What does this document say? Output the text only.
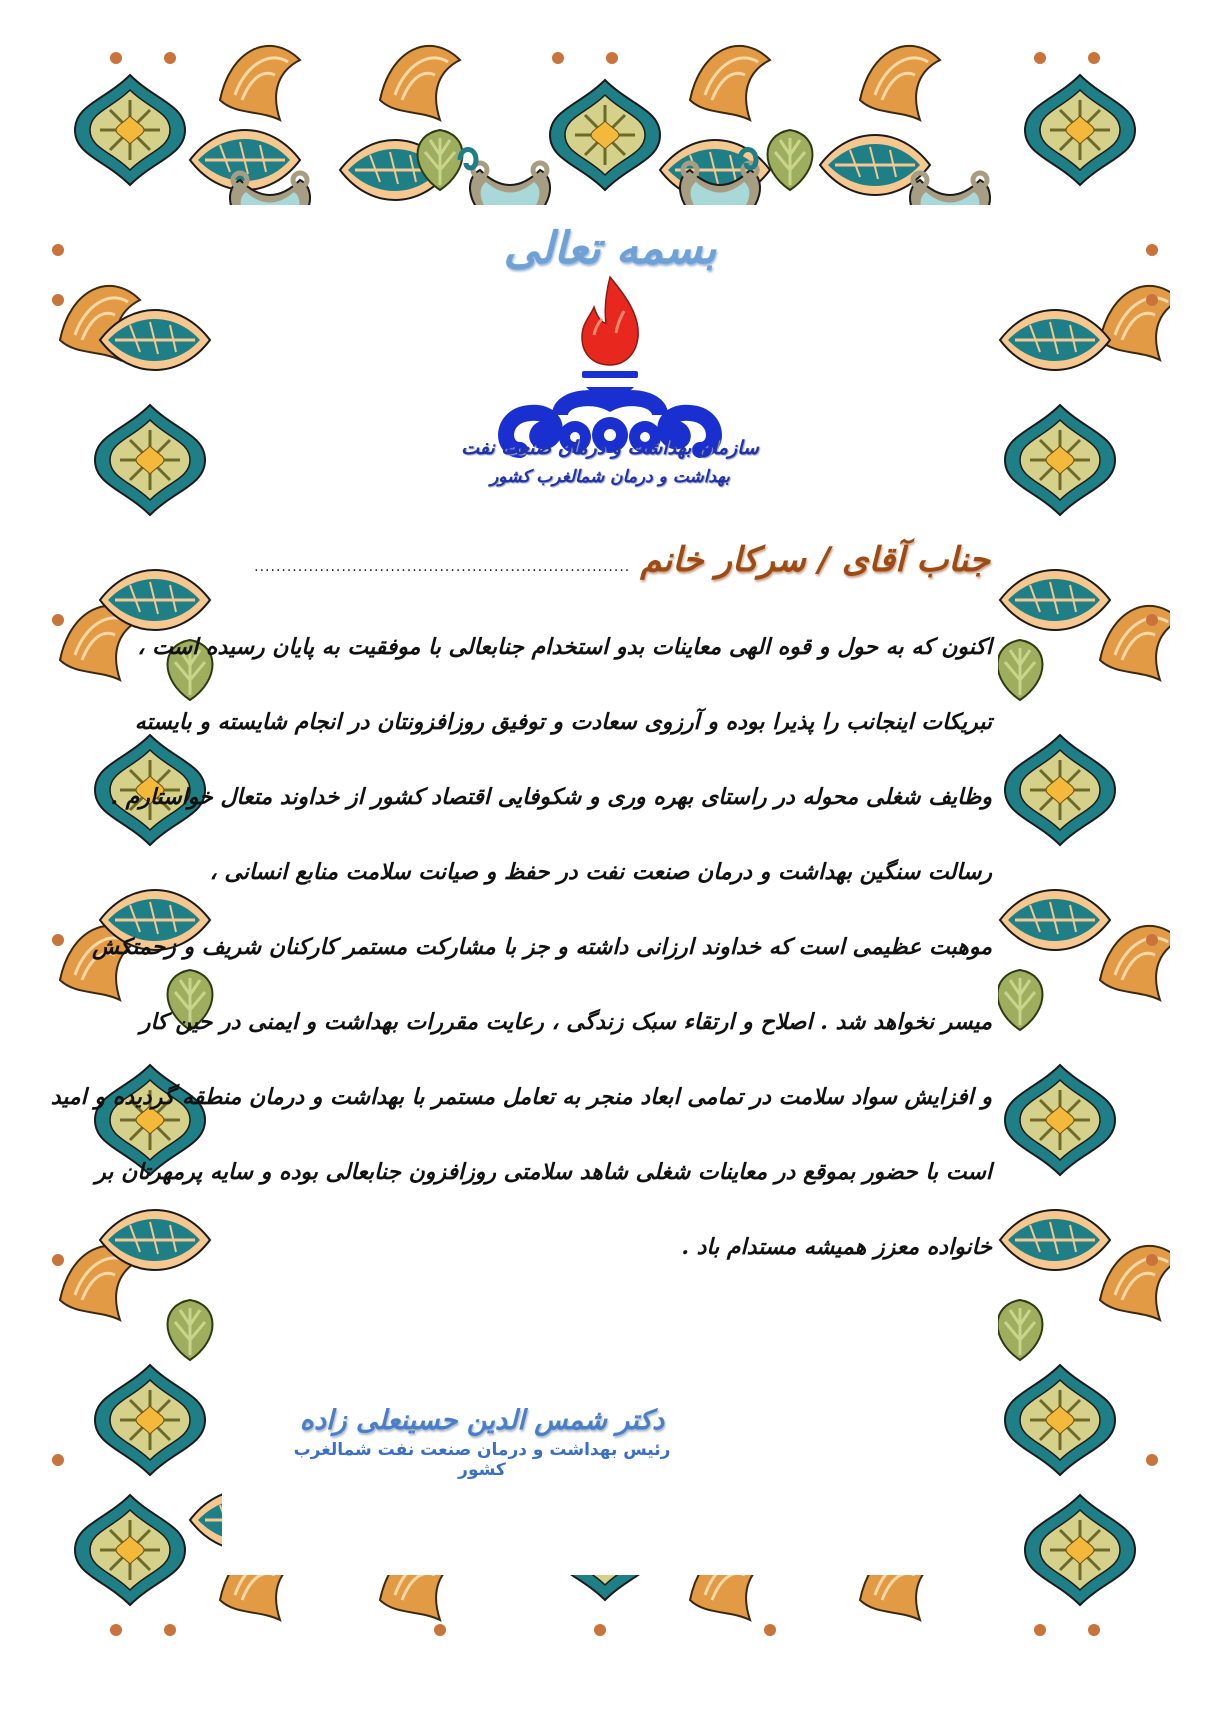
بسمه تعالی
سازمان بهداشت و درمان صنعت نفت
بهداشت و درمان شمالغرب کشور
جناب آقای / سرکار خانم
.....................................................................
اکنون که به حول و قوه الهی معاینات بدو استخدام جنابعالی با موفقیت به پایان رسیده است ،
تبریکات اینجانب را پذیرا بوده و آرزوی سعادت و توفیق روزافزونتان در انجام شایسته و بایسته
وظایف شغلی محوله در راستای بهره وری و شکوفایی اقتصاد کشور از خداوند متعال خواستارم .
رسالت سنگین بهداشت و درمان صنعت نفت در حفظ و صیانت سلامت منابع انسانی ،
موهبت عظیمی است که خداوند ارزانی داشته و جز با مشارکت مستمر کارکنان شریف و زحمتکش
میسر نخواهد شد . اصلاح و ارتقاء سبک زندگی ، رعایت مقررات بهداشت و ایمنی در حین کار
و افزایش سواد سلامت در تمامی ابعاد منجر به تعامل مستمر با بهداشت و درمان منطقه گردیده و امید
است با حضور بموقع در معاینات شغلی شاهد سلامتی روزافزون جنابعالی بوده و سایه پرمهرتان بر
خانواده معزز همیشه مستدام باد .
دکتر شمس الدین حسینعلی زاده
رئیس بهداشت و درمان صنعت نفت شمالغرب کشور
